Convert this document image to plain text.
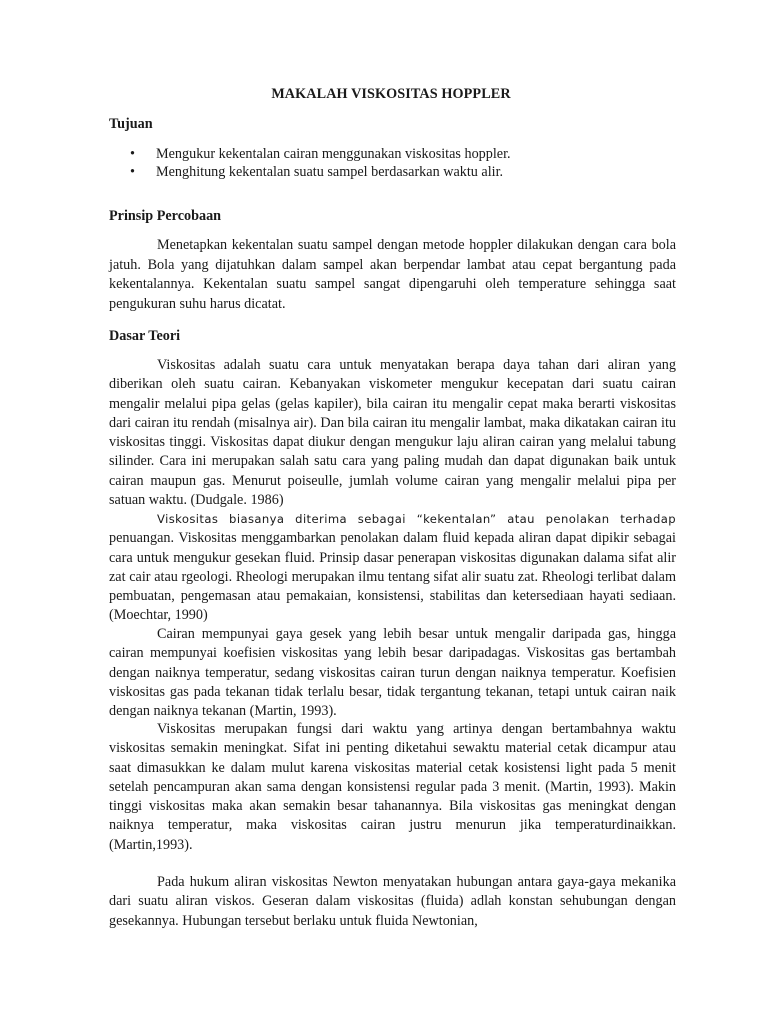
MAKALAH VISKOSITAS HOPPLER
Tujuan
• Mengukur kekentalan cairan menggunakan viskositas hoppler.
• Menghitung kekentalan suatu sampel berdasarkan waktu alir.
Prinsip Percobaan

Menetapkan kekentalan suatu sampel dengan metode hoppler dilakukan dengan cara bola jatuh. Bola yang dijatuhkan dalam sampel akan berpendar lambat atau cepat bergantung pada kekentalannya. Kekentalan suatu sampel sangat dipengaruhi oleh temperature sehingga saat pengukuran suhu harus dicatat.

Dasar Teori

Viskositas adalah suatu cara untuk menyatakan berapa daya tahan dari aliran yang diberikan oleh suatu cairan. Kebanyakan viskometer mengukur kecepatan dari suatu cairan mengalir melalui pipa gelas (gelas kapiler), bila cairan itu mengalir cepat maka berarti viskositas dari cairan itu rendah (misalnya air). Dan bila cairan itu mengalir lambat, maka dikatakan cairan itu viskositas tinggi. Viskositas dapat diukur dengan mengukur laju aliran cairan yang melalui tabung silinder. Cara ini merupakan salah satu cara yang paling mudah dan dapat digunakan baik untuk cairan maupun gas. Menurut poiseulle, jumlah volume cairan yang mengalir melalui pipa per satuan waktu. (Dudgale. 1986)

Viskositas biasanya diterima sebagai “kekentalan” atau penolakan terhadap penuangan. Viskositas menggambarkan penolakan dalam fluid kepada aliran dapat dipikir sebagai cara untuk mengukur gesekan fluid. Prinsip dasar penerapan viskositas digunakan dalama sifat alir zat cair atau rgeologi. Rheologi merupakan ilmu tentang sifat alir suatu zat. Rheologi terlibat dalam pembuatan, pengemasan atau pemakaian, konsistensi, stabilitas dan ketersediaan hayati sediaan. (Moechtar, 1990)

Cairan mempunyai gaya gesek yang lebih besar untuk mengalir daripada gas, hingga cairan mempunyai koefisien viskositas yang lebih besar daripadagas. Viskositas gas bertambah dengan naiknya temperatur, sedang viskositas cairan turun dengan naiknya temperatur. Koefisien viskositas gas pada tekanan tidak terlalu besar, tidak tergantung tekanan, tetapi untuk cairan naik dengan naiknya tekanan (Martin, 1993).

Viskositas merupakan fungsi dari waktu yang artinya dengan bertambahnya waktu viskositas semakin meningkat. Sifat ini penting diketahui sewaktu material cetak dicampur atau saat dimasukkan ke dalam mulut karena viskositas material cetak kosistensi light pada 5 menit setelah pencampuran akan sama dengan konsistensi regular pada 3 menit. (Martin, 1993). Makin tinggi viskositas maka akan semakin besar tahanannya. Bila viskositas gas meningkat dengan naiknya temperatur, maka viskositas cairan justru menurun jika temperaturdinaikkan.(Martin,1993).

Pada hukum aliran viskositas Newton menyatakan hubungan antara gaya-gaya mekanika dari suatu aliran viskos. Geseran dalam viskositas (fluida) adlah konstan sehubungan dengan gesekannya. Hubungan tersebut berlaku untuk fluida Newtonian,
